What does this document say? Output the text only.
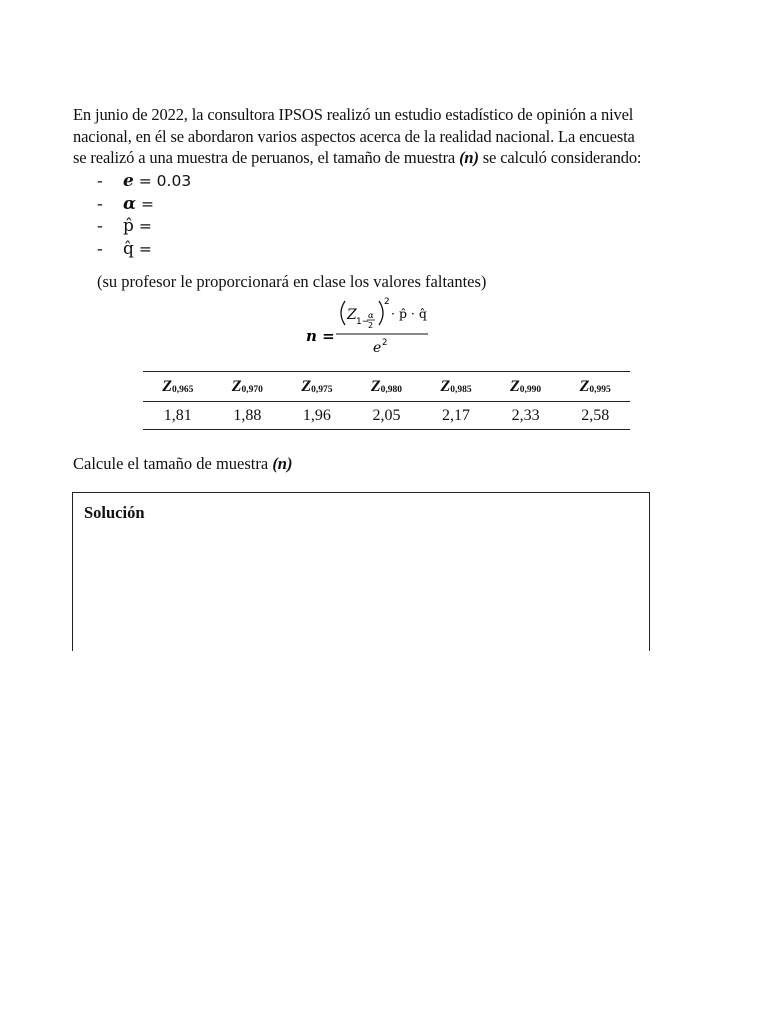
En junio de 2022, la consultora IPSOS realizó un estudio estadístico de opinión a nivel
nacional, en él se abordaron varios aspectos acerca de la realidad nacional. La encuesta
se realizó a una muestra de peruanos, el tamaño de muestra (n) se calculó considerando:

- e = 0.03
- α =
- p̂ =
- q̂ =

(su profesor le proporcionará en clase los valores faltantes)

n =
Z 1−
α
2
2
· p̂ · q̂
e 2
$Z_{0,965}$	$Z_{0,970}$	$Z_{0,975}$	$Z_{0,980}$	$Z_{0,985}$	$Z_{0,990}$	$Z_{0,995}$
1,81	1,88	1,96	2,05	2,17	2,33	2,58

Calcule el tamaño de muestra (n)

Solución
